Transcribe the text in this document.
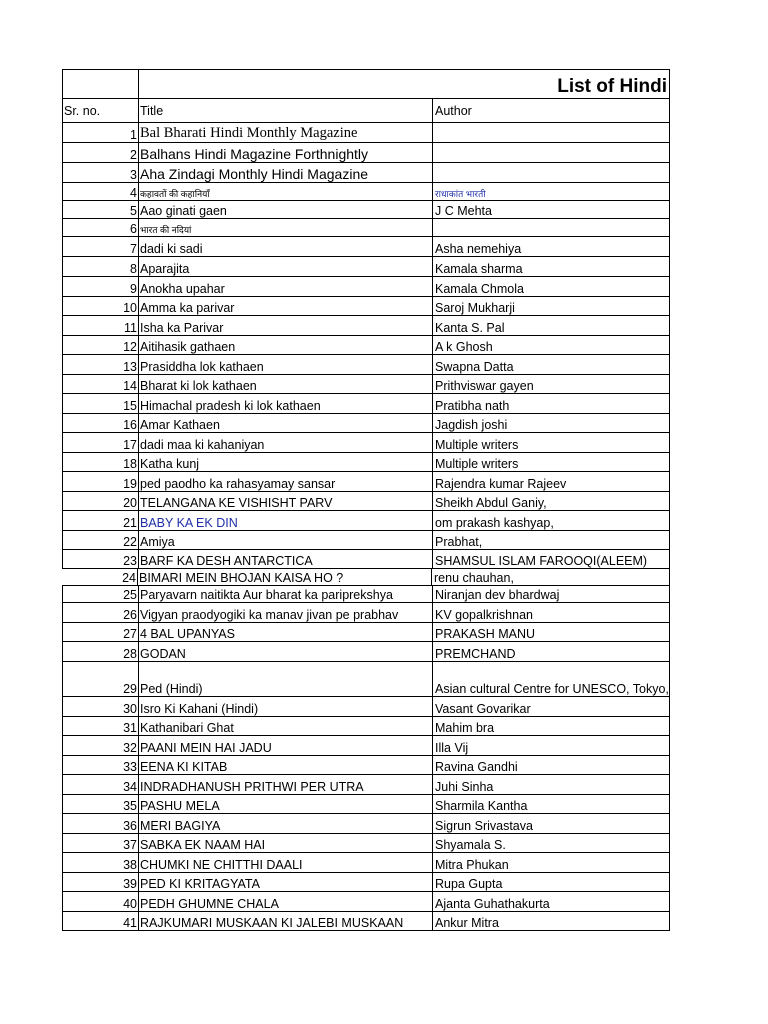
List of Hindi
Sr. no.	Title	Author
1 Bal Bharati Hindi Monthly Magazine
2 Balhans Hindi Magazine Forthnightly
3 Aha Zindagi Monthly Hindi Magazine
4 कहावतों की कहानियाँ	राधाकांत भारती
5 Aao ginati gaen	J C Mehta
6 भारत की नदियां
7 dadi ki sadi	Asha nemehiya
8 Aparajita	Kamala sharma
9 Anokha upahar	Kamala Chmola
10 Amma ka parivar	Saroj Mukharji
11 Isha ka Parivar	Kanta S. Pal
12 Aitihasik gathaen	A k Ghosh
13 Prasiddha lok kathaen	Swapna Datta
14 Bharat ki lok kathaen	Prithviswar gayen
15 Himachal pradesh ki lok kathaen	Pratibha nath
16 Amar Kathaen	Jagdish joshi
17 dadi maa ki kahaniyan	Multiple writers
18 Katha kunj	Multiple writers
19 ped paodho ka rahasyamay sansar	Rajendra kumar Rajeev
20 TELANGANA KE VISHISHT PARV	Sheikh Abdul Ganiy,
21 BABY KA EK DIN	om prakash kashyap,
22 Amiya	Prabhat,
23 BARF KA DESH ANTARCTICA	SHAMSUL ISLAM FAROOQI(ALEEM)
24 BIMARI MEIN BHOJAN KAISA HO ?	renu chauhan,
25 Paryavarn naitikta Aur bharat ka pariprekshya	Niranjan dev bhardwaj
26 Vigyan praodyogiki ka manav jivan pe prabhav	KV gopalkrishnan
27 4 BAL UPANYAS	PRAKASH MANU
28 GODAN	PREMCHAND
29 Ped (Hindi)	Asian cultural Centre for UNESCO, Tokyo,
30 Isro Ki Kahani (Hindi)	Vasant Govarikar
31 Kathanibari Ghat	Mahim bra
32 PAANI MEIN HAI JADU	Illa Vij
33 EENA KI KITAB	Ravina Gandhi
34 INDRADHANUSH PRITHWI PER UTRA	Juhi Sinha
35 PASHU MELA	Sharmila Kantha
36 MERI BAGIYA	Sigrun Srivastava
37 SABKA EK NAAM HAI	Shyamala S.
38 CHUMKI NE CHITTHI DAALI	Mitra Phukan
39 PED KI KRITAGYATA	Rupa Gupta
40 PEDH GHUMNE CHALA	Ajanta Guhathakurta
41 RAJKUMARI MUSKAAN KI JALEBI MUSKAAN	Ankur Mitra
